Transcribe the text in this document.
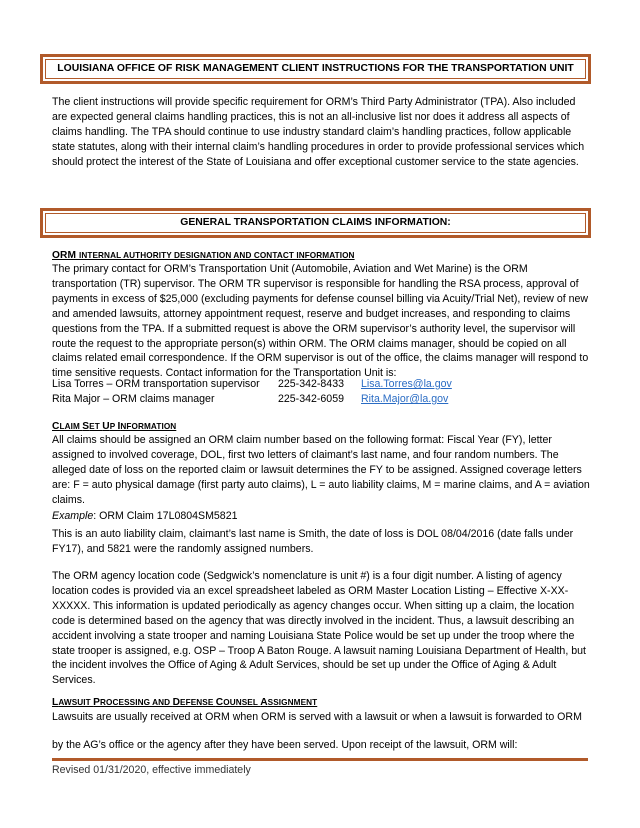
LOUISIANA OFFICE OF RISK MANAGEMENT CLIENT INSTRUCTIONS FOR THE TRANSPORTATION UNIT

The client instructions will provide specific requirement for ORM’s Third Party Administrator (TPA). Also included are expected general claims handling practices, this is not an all-inclusive list nor does it address all aspects of claims handling. The TPA should continue to use industry standard claim’s handling practices, follow applicable state statutes, along with their internal claim’s handling procedures in order to provide professional services which should protect the interest of the State of Louisiana and offer exceptional customer service to the state agencies.

GENERAL TRANSPORTATION CLAIMS INFORMATION:
ORM INTERNAL AUTHORITY DESIGNATION AND CONTACT INFORMATION

The primary contact for ORM’s Transportation Unit (Automobile, Aviation and Wet Marine) is the ORM transportation (TR) supervisor. The ORM TR supervisor is responsible for handling the RSA process, approval of payments in excess of $25,000 (excluding payments for defense counsel billing via Acuity/Trial Net), review of new and amended lawsuits, attorney appointment request, reserve and budget increases, and responding to claims questions from the TPA. If a submitted request is above the ORM supervisor’s authority level, the supervisor will route the request to the appropriate person(s) within ORM. The ORM claims manager, should be copied on all claims related email correspondence. If the ORM supervisor is out of the office, the claims manager will respond to time sensitive requests. Contact information for the Transportation Unit is:

Lisa Torres – ORM transportation supervisor 225-342-8433 Lisa.Torres@la.gov
Rita Major – ORM claims manager	225-342-6059 Rita.Major@la.gov
CLAIM SET UP INFORMATION

All claims should be assigned an ORM claim number based on the following format: Fiscal Year (FY), letter assigned to involved coverage, DOL, first two letters of claimant’s last name, and four random numbers. The alleged date of loss on the reported claim or lawsuit determines the FY to be assigned. Assigned coverage letters are: F = auto physical damage (first party auto claims), L = auto liability claims, M = marine claims, and A = aviation claims.

Example: ORM Claim 17L0804SM5821

This is an auto liability claim, claimant’s last name is Smith, the date of loss is DOL 08/04/2016 (date falls under FY17), and 5821 were the randomly assigned numbers.

The ORM agency location code (Sedgwick’s nomenclature is unit #) is a four digit number. A listing of agency location codes is provided via an excel spreadsheet labeled as ORM Master Location Listing – Effective X-XX-XXXXX. This information is updated periodically as agency changes occur. When sitting up a claim, the location code is determined based on the agency that was directly involved in the incident. Thus, a lawsuit describing an accident involving a state trooper and naming Louisiana State Police would be set up under the troop where the state trooper is assigned, e.g. OSP – Troop A Baton Rouge. A lawsuit naming Louisiana Department of Health, but the incident involves the Office of Aging & Adult Services, should be set up under the Office of Aging & Adult Services.

LAWSUIT PROCESSING AND DEFENSE COUNSEL ASSIGNMENT

Lawsuits are usually received at ORM when ORM is served with a lawsuit or when a lawsuit is forwarded to ORM

by the AG’s office or the agency after they have been served. Upon receipt of the lawsuit, ORM will:

Revised 01/31/2020, effective immediately
